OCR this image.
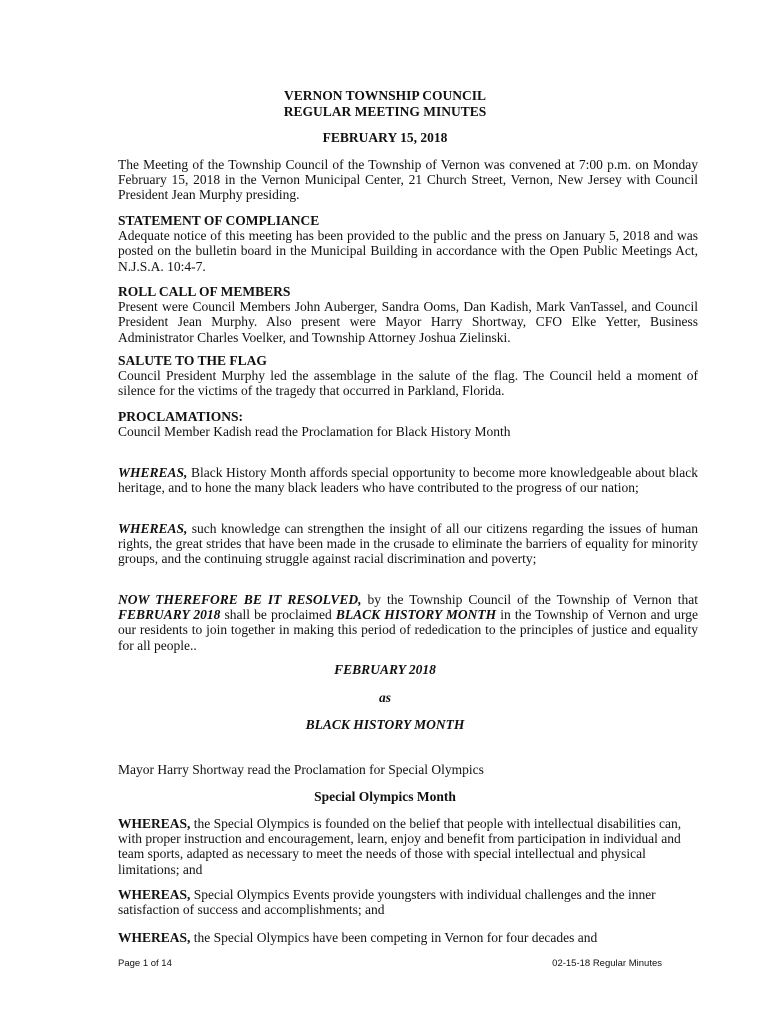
VERNON TOWNSHIP COUNCIL
REGULAR MEETING MINUTES
FEBRUARY 15, 2018
The Meeting of the Township Council of the Township of Vernon was convened at 7:00 p.m. on Monday February 15, 2018 in the Vernon Municipal Center, 21 Church Street, Vernon, New Jersey with Council President Jean Murphy presiding.
STATEMENT OF COMPLIANCE
Adequate notice of this meeting has been provided to the public and the press on January 5, 2018 and was posted on the bulletin board in the Municipal Building in accordance with the Open Public Meetings Act, N.J.S.A. 10:4-7.
ROLL CALL OF MEMBERS
Present were Council Members John Auberger, Sandra Ooms, Dan Kadish, Mark VanTassel, and Council President Jean Murphy. Also present were Mayor Harry Shortway, CFO Elke Yetter, Business Administrator Charles Voelker, and Township Attorney Joshua Zielinski.
SALUTE TO THE FLAG
Council President Murphy led the assemblage in the salute of the flag. The Council held a moment of silence for the victims of the tragedy that occurred in Parkland, Florida.
PROCLAMATIONS:
Council Member Kadish read the Proclamation for Black History Month
WHEREAS, Black History Month affords special opportunity to become more knowledgeable about black heritage, and to hone the many black leaders who have contributed to the progress of our nation;
WHEREAS, such knowledge can strengthen the insight of all our citizens regarding the issues of human rights, the great strides that have been made in the crusade to eliminate the barriers of equality for minority groups, and the continuing struggle against racial discrimination and poverty;
NOW THEREFORE BE IT RESOLVED, by the Township Council of the Township of Vernon that FEBRUARY 2018 shall be proclaimed BLACK HISTORY MONTH in the Township of Vernon and urge our residents to join together in making this period of rededication to the principles of justice and equality for all people..
FEBRUARY 2018
as
BLACK HISTORY MONTH
Mayor Harry Shortway read the Proclamation for Special Olympics
Special Olympics Month
WHEREAS, the Special Olympics is founded on the belief that people with intellectual disabilities can, with proper instruction and encouragement, learn, enjoy and benefit from participation in individual and team sports, adapted as necessary to meet the needs of those with special intellectual and physical limitations; and
WHEREAS, Special Olympics Events provide youngsters with individual challenges and the inner satisfaction of success and accomplishments; and
WHEREAS, the Special Olympics have been competing in Vernon for four decades and
Page 1 of 14	02-15-18 Regular Minutes
